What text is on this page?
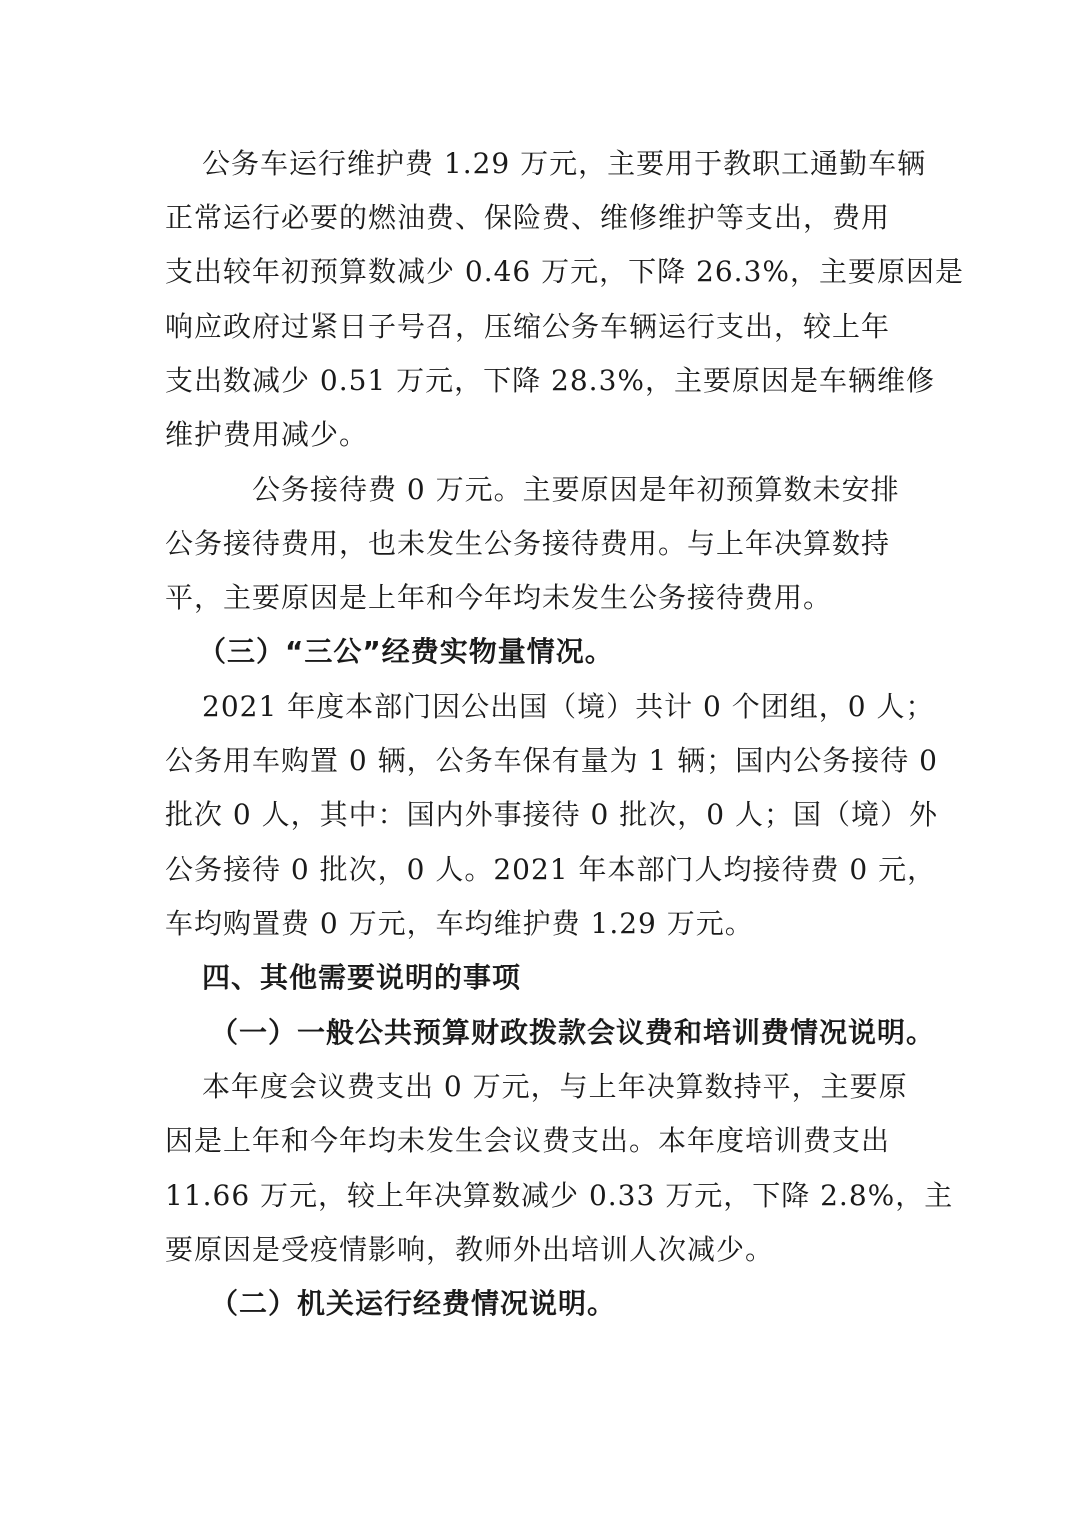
公务车运行维护费 1.29 万元，主要用于教职工通勤车辆
正常运行必要的燃油费、保险费、维修维护等支出，费用
支出较年初预算数减少 0.46 万元，下降 26.3%，主要原因是
响应政府过紧日子号召，压缩公务车辆运行支出，较上年
支出数减少 0.51 万元，下降 28.3%，主要原因是车辆维修
维护费用减少。
公务接待费 0 万元。主要原因是年初预算数未安排
公务接待费用，也未发生公务接待费用。与上年决算数持
平，主要原因是上年和今年均未发生公务接待费用。
（三）“三公”经费实物量情况。
2021 年度本部门因公出国（境）共计 0 个团组，0 人；
公务用车购置 0 辆，公务车保有量为 1 辆；国内公务接待 0
批次 0 人，其中：国内外事接待 0 批次，0 人；国（境）外
公务接待 0 批次，0 人。2021 年本部门人均接待费 0 元，
车均购置费 0 万元，车均维护费 1.29 万元。
四、其他需要说明的事项
（一）一般公共预算财政拨款会议费和培训费情况说明。
本年度会议费支出 0 万元，与上年决算数持平，主要原
因是上年和今年均未发生会议费支出。本年度培训费支出
11.66 万元，较上年决算数减少 0.33 万元，下降 2.8%，主
要原因是受疫情影响，教师外出培训人次减少。
（二）机关运行经费情况说明。
